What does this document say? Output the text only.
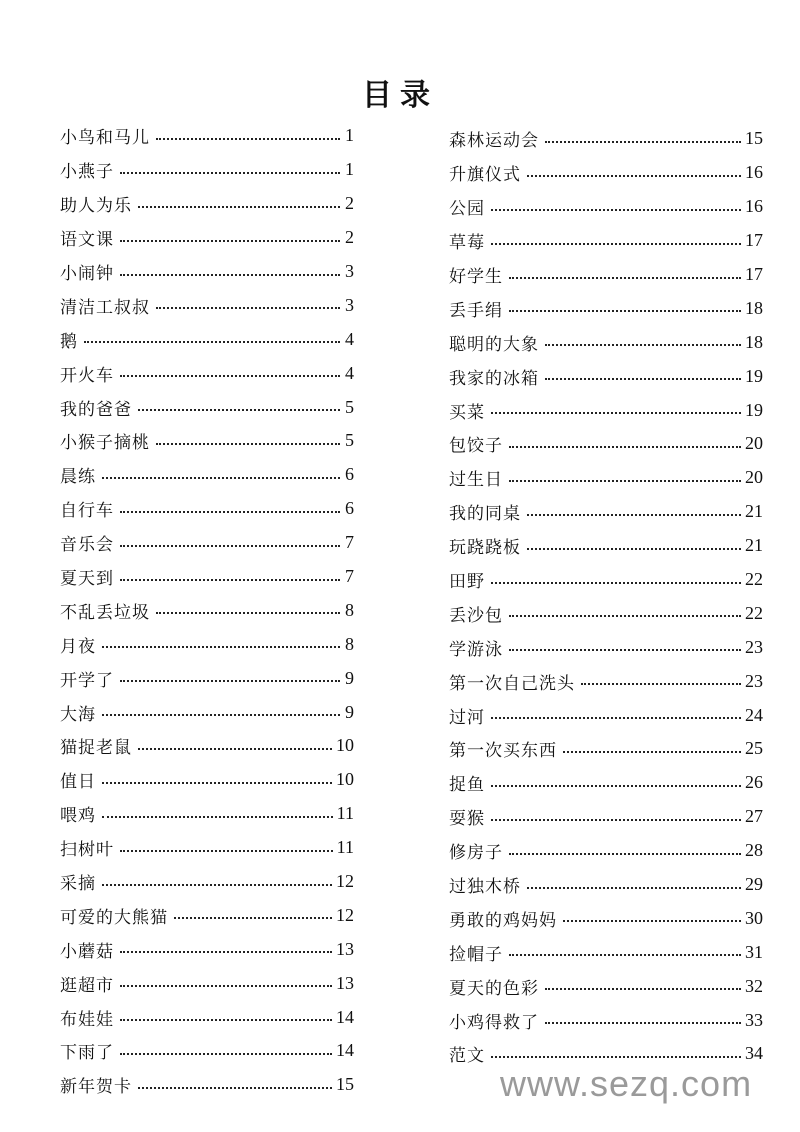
目录
小鸟和马儿	1
小燕子	1
助人为乐	2
语文课	2
小闹钟	3
清洁工叔叔	3
鹅	4
开火车	4
我的爸爸	5
小猴子摘桃	5
晨练	6
自行车	6
音乐会	7
夏天到	7
不乱丢垃圾	8
月夜	8
开学了	9
大海	9
猫捉老鼠	10
值日	10
喂鸡	11
扫树叶	11
采摘	12
可爱的大熊猫	12
小蘑菇	13
逛超市	13
布娃娃	14
下雨了	14
新年贺卡	15
森林运动会	15
升旗仪式	16
公园	16
草莓	17
好学生	17
丢手绢	18
聪明的大象	18
我家的冰箱	19
买菜	19
包饺子	20
过生日	20
我的同桌	21
玩跷跷板	21
田野	22
丢沙包	22
学游泳	23
第一次自己洗头	23
过河	24
第一次买东西	25
捉鱼	26
耍猴	27
修房子	28
过独木桥	29
勇敢的鸡妈妈	30
捡帽子	31
夏天的色彩	32
小鸡得救了	33
范文	34
www.sezq.com
